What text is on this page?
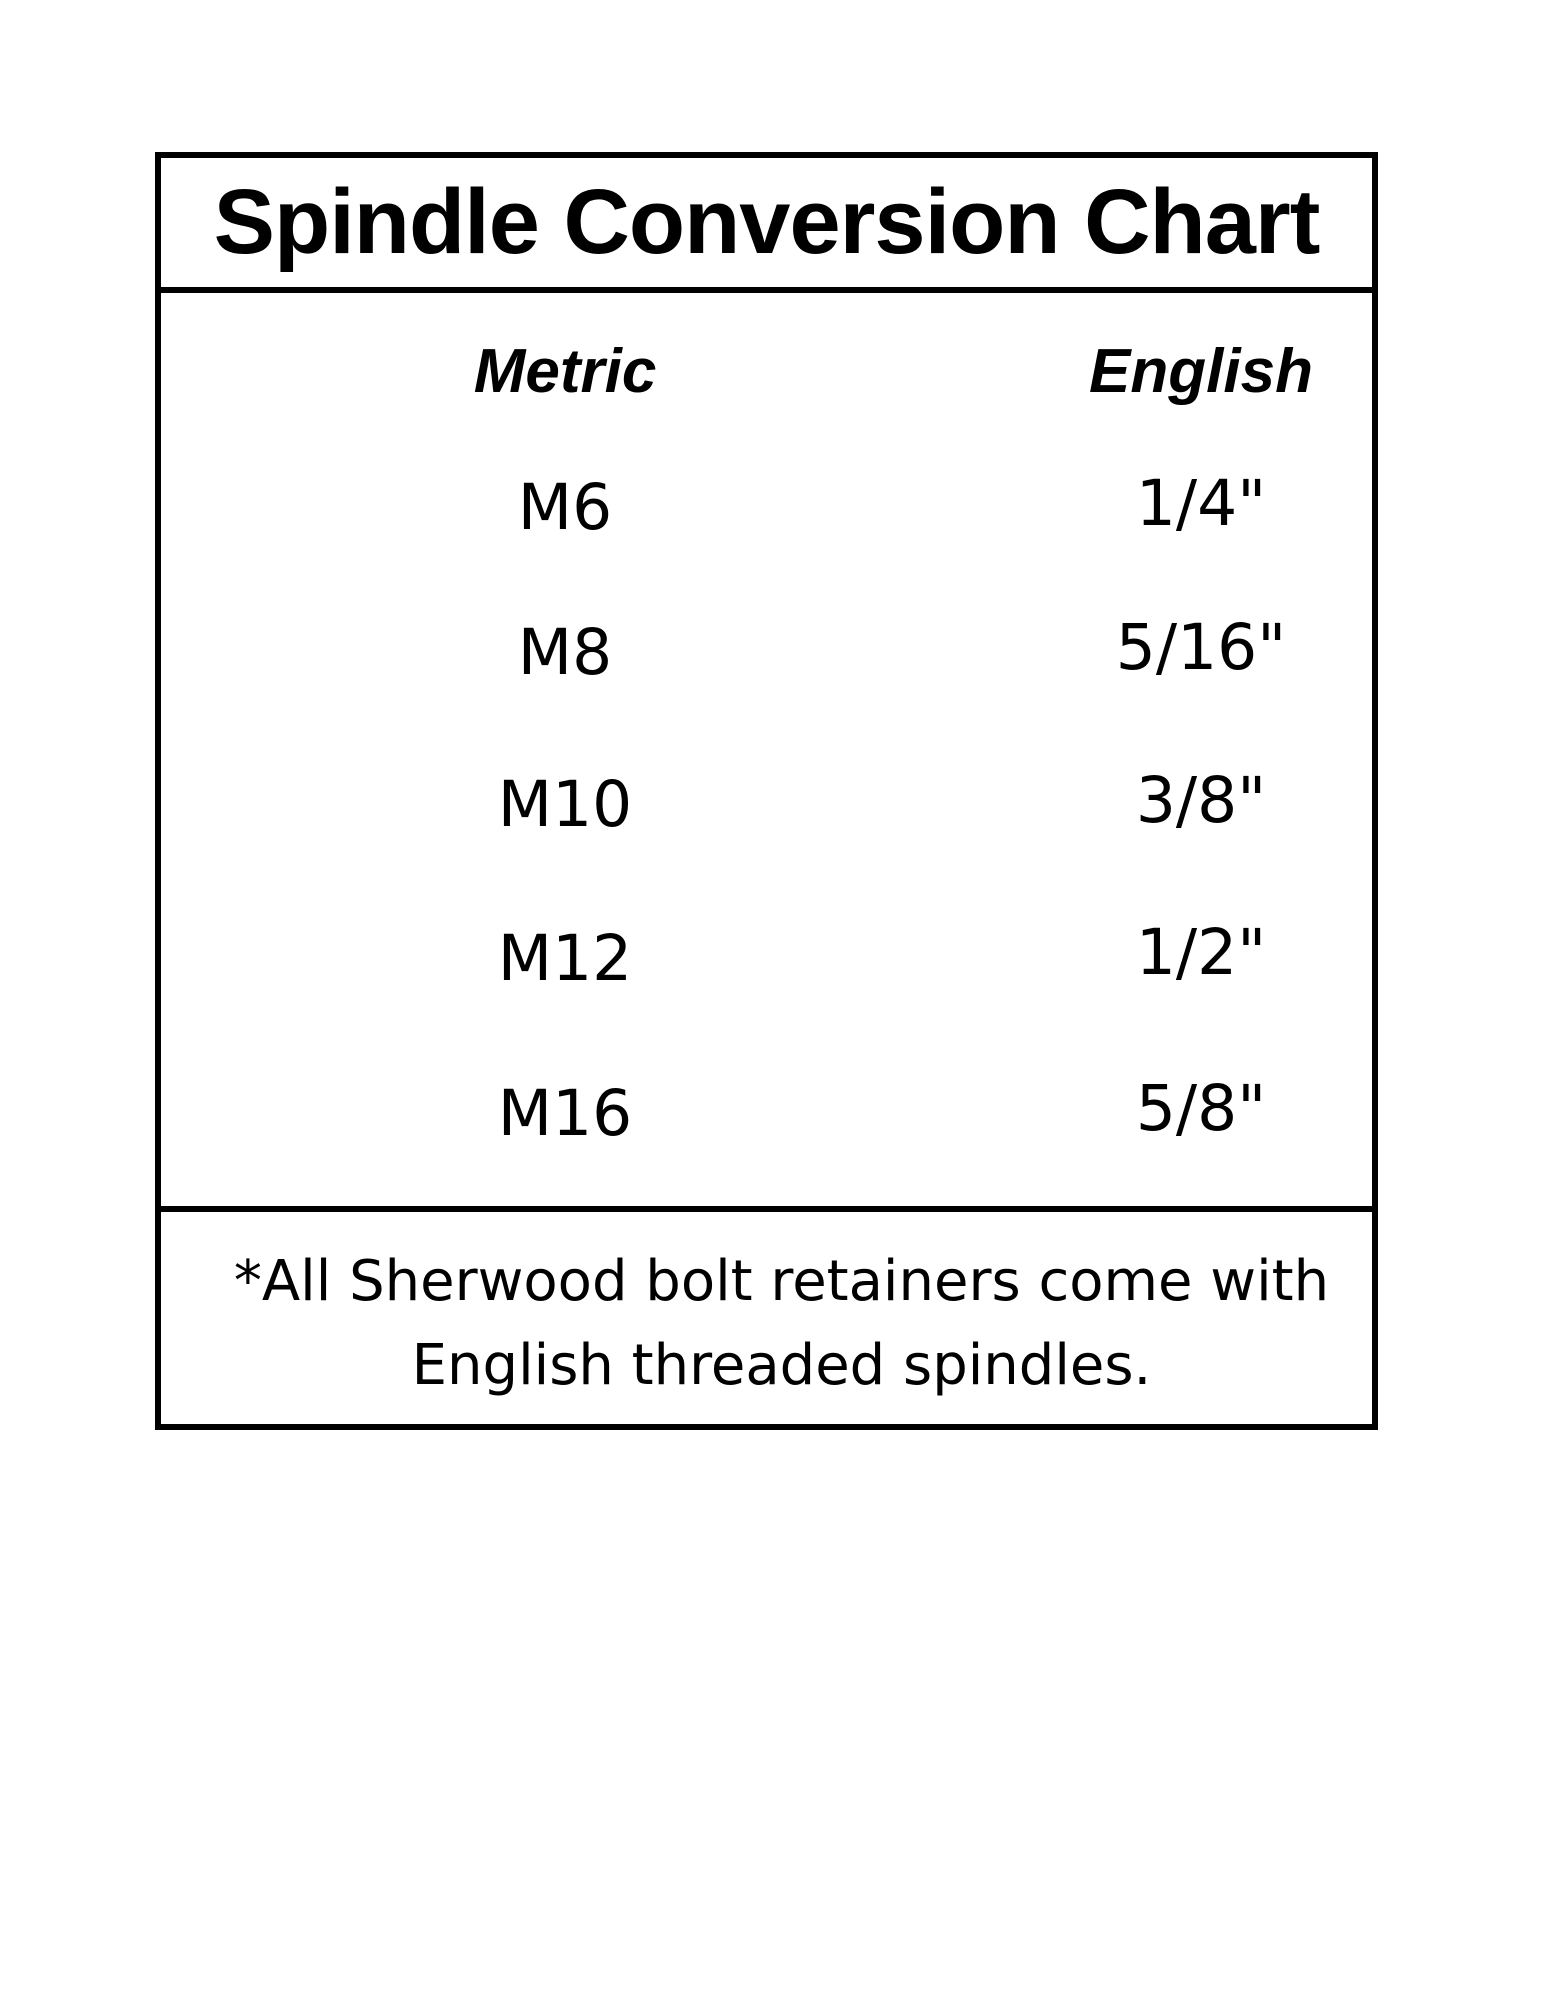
Spindle Conversion Chart
Metric	English
M6	1/4"
M8	5/16"
M10	3/8"
M12	1/2"
M16	5/8"
*All Sherwood bolt retainers come with English threaded spindles.
